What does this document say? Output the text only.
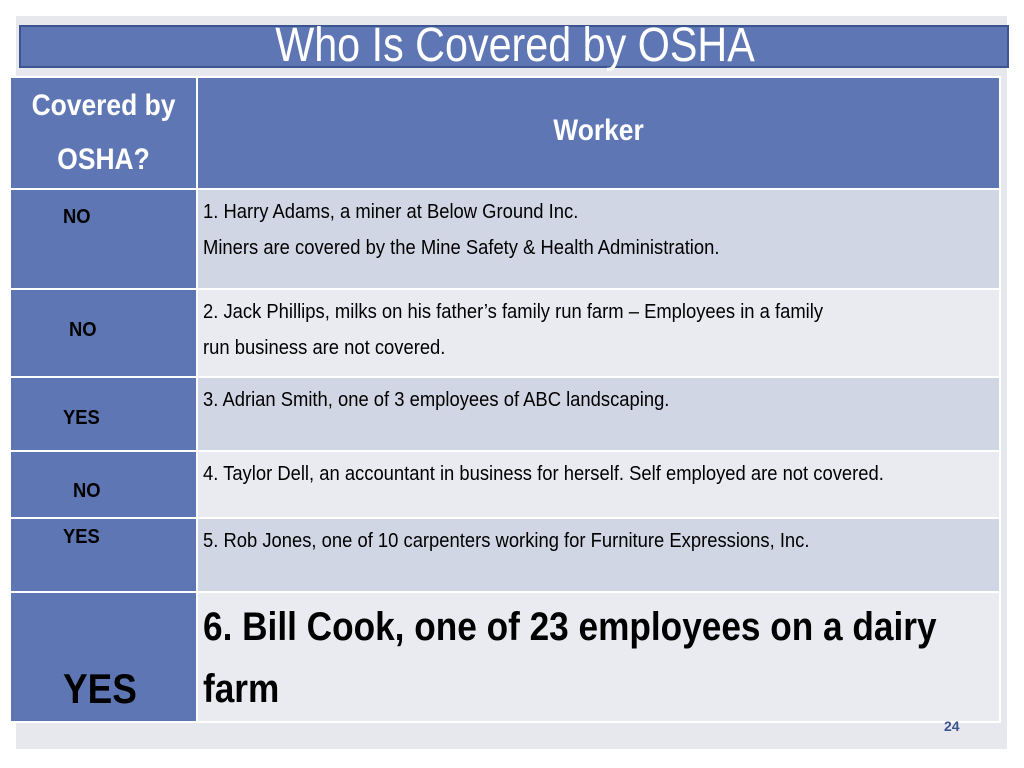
Who Is Covered by OSHA
Covered by
OSHA?	Worker

NO	1. Harry Adams, a miner at Below Ground Inc.
Miners are covered by the Mine Safety & Health Administration.

NO	2. Jack Phillips, milks on his father’s family run farm – Employees in a family
run business are not covered.

YES	3. Adrian Smith, one of 3 employees of ABC landscaping.

NO	4. Taylor Dell, an accountant in business for herself. Self employed are not covered.

YES	5. Rob Jones, one of 10 carpenters working for Furniture Expressions, Inc.

YES	6. Bill Cook, one of 23 employees on a dairy farm
24
